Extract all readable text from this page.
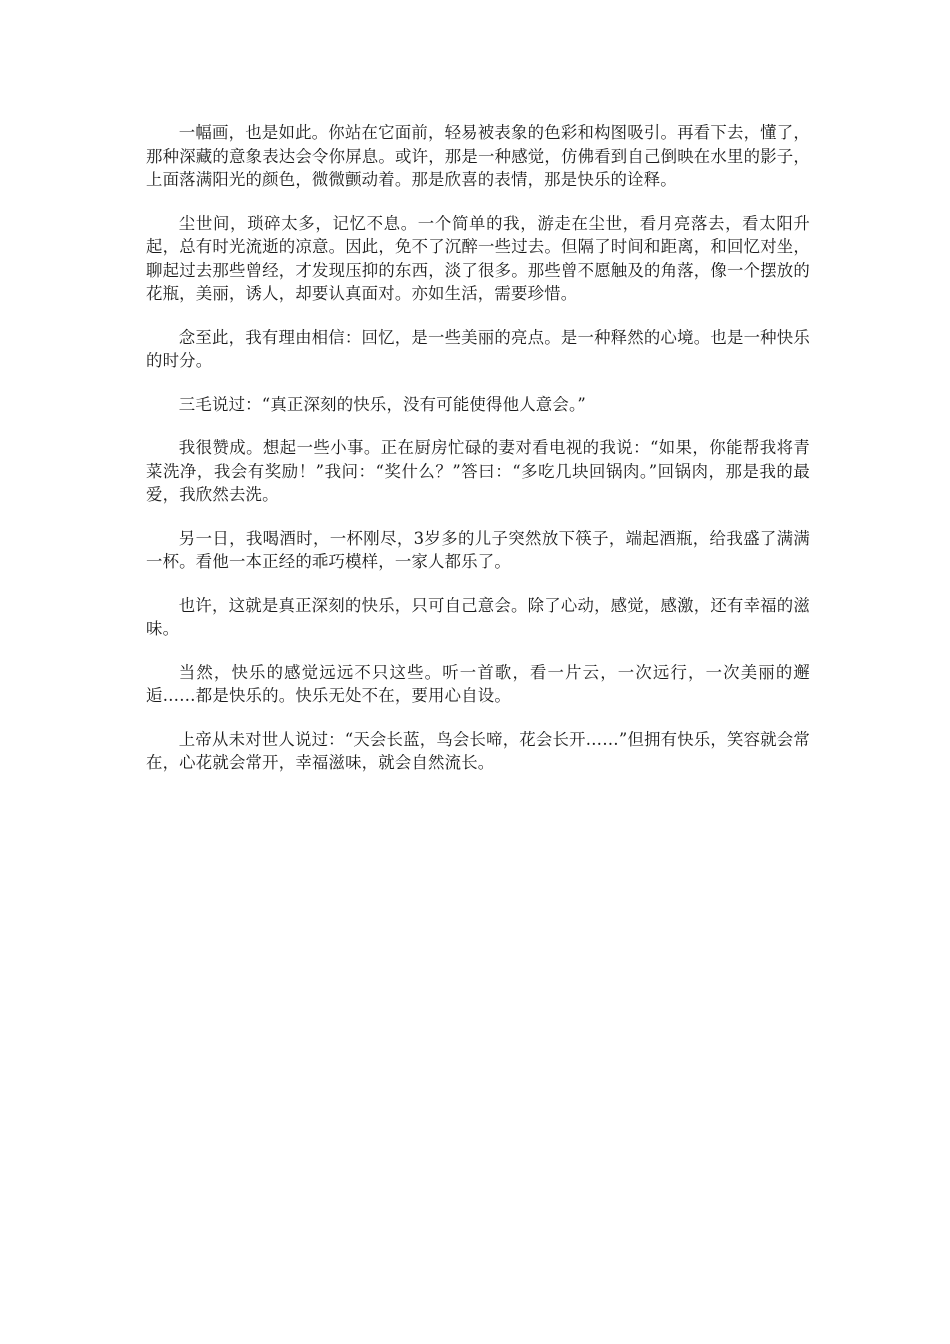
一幅画，也是如此。你站在它面前，轻易被表象的色彩和构图吸引。再看下去，懂了，那种深藏的意象表达会令你屏息。或许，那是一种感觉，仿佛看到自己倒映在水里的影子，上面落满阳光的颜色，微微颤动着。那是欣喜的表情，那是快乐的诠释。

尘世间，琐碎太多，记忆不息。一个简单的我，游走在尘世，看月亮落去，看太阳升起，总有时光流逝的凉意。因此，免不了沉醉一些过去。但隔了时间和距离，和回忆对坐，聊起过去那些曾经，才发现压抑的东西，淡了很多。那些曾不愿触及的角落，像一个摆放的花瓶，美丽，诱人，却要认真面对。亦如生活，需要珍惜。

念至此，我有理由相信：回忆，是一些美丽的亮点。是一种释然的心境。也是一种快乐的时分。

三毛说过：“真正深刻的快乐，没有可能使得他人意会。”

我很赞成。想起一些小事。正在厨房忙碌的妻对看电视的我说：“如果，你能帮我将青菜洗净，我会有奖励！”我问：“奖什么？”答曰：“多吃几块回锅肉。”回锅肉，那是我的最爱，我欣然去洗。

另一日，我喝酒时，一杯刚尽，3岁多的儿子突然放下筷子，端起酒瓶，给我盛了满满一杯。看他一本正经的乖巧模样，一家人都乐了。

也许，这就是真正深刻的快乐，只可自己意会。除了心动，感觉，感激，还有幸福的滋味。

当然，快乐的感觉远远不只这些。听一首歌，看一片云，一次远行，一次美丽的邂逅……都是快乐的。快乐无处不在，要用心自设。

上帝从未对世人说过：“天会长蓝，鸟会长啼，花会长开……”但拥有快乐，笑容就会常在，心花就会常开，幸福滋味，就会自然流长。
